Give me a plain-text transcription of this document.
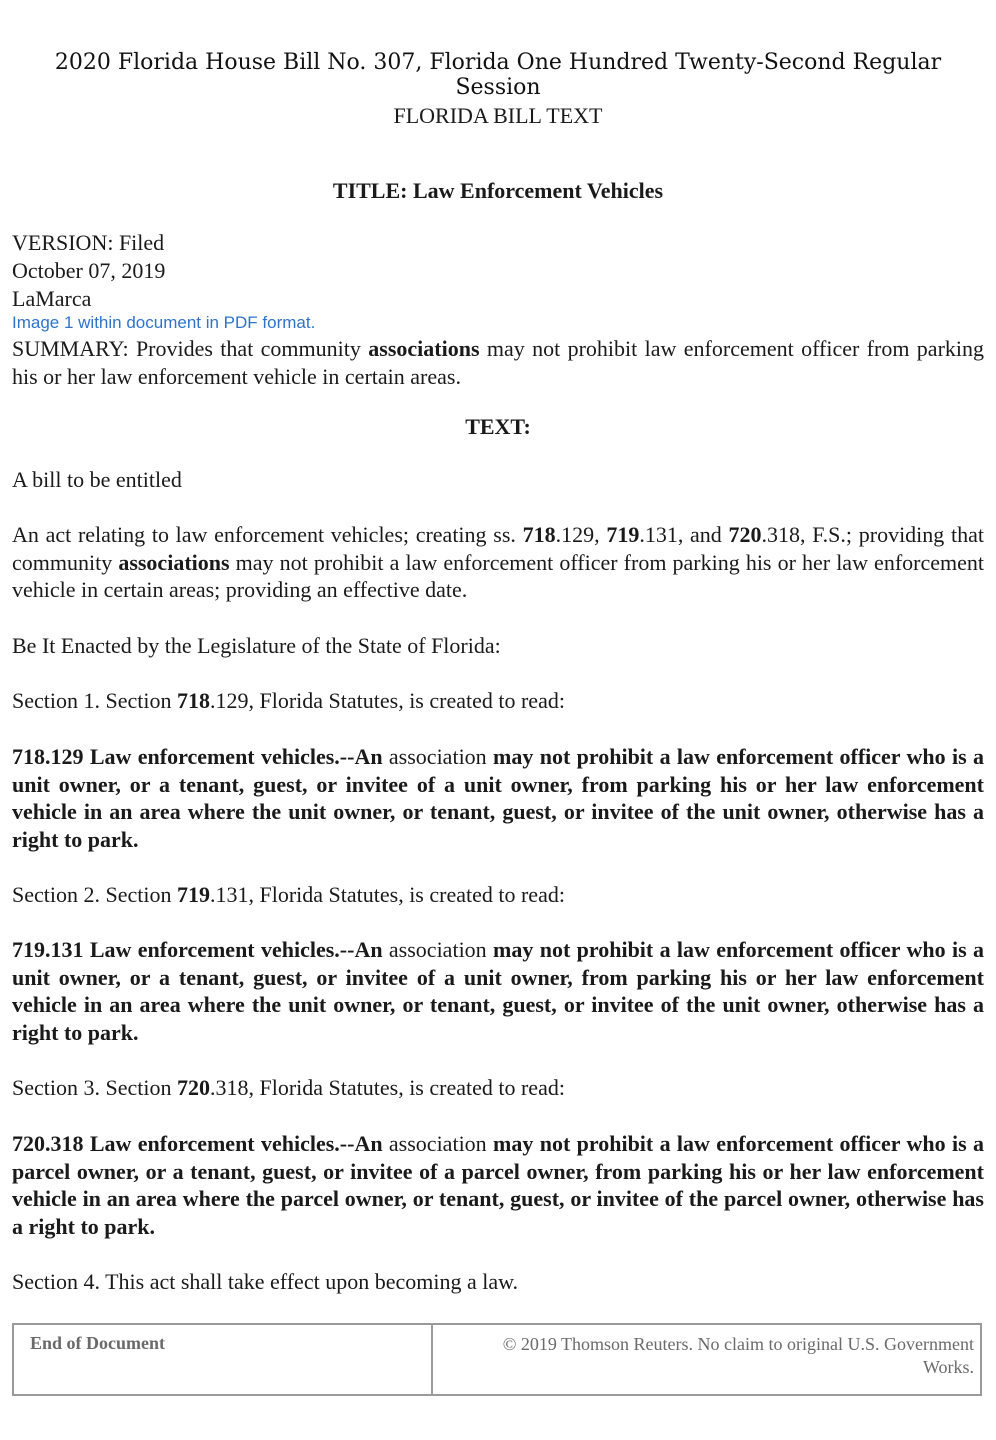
2020 Florida House Bill No. 307, Florida One Hundred Twenty-Second Regular Session
FLORIDA BILL TEXT
TITLE: Law Enforcement Vehicles
VERSION: Filed
October 07, 2019
LaMarca
Image 1 within document in PDF format.
SUMMARY: Provides that community associations may not prohibit law enforcement officer from parking his or her law enforcement vehicle in certain areas.
TEXT:
A bill to be entitled
An act relating to law enforcement vehicles; creating ss. 718.129, 719.131, and 720.318, F.S.; providing that community associations may not prohibit a law enforcement officer from parking his or her law enforcement vehicle in certain areas; providing an effective date.
Be It Enacted by the Legislature of the State of Florida:
Section 1. Section 718.129, Florida Statutes, is created to read:
718.129 Law enforcement vehicles.--An association may not prohibit a law enforcement officer who is a unit owner, or a tenant, guest, or invitee of a unit owner, from parking his or her law enforcement vehicle in an area where the unit owner, or tenant, guest, or invitee of the unit owner, otherwise has a right to park.
Section 2. Section 719.131, Florida Statutes, is created to read:
719.131 Law enforcement vehicles.--An association may not prohibit a law enforcement officer who is a unit owner, or a tenant, guest, or invitee of a unit owner, from parking his or her law enforcement vehicle in an area where the unit owner, or tenant, guest, or invitee of the unit owner, otherwise has a right to park.
Section 3. Section 720.318, Florida Statutes, is created to read:
720.318 Law enforcement vehicles.--An association may not prohibit a law enforcement officer who is a parcel owner, or a tenant, guest, or invitee of a parcel owner, from parking his or her law enforcement vehicle in an area where the parcel owner, or tenant, guest, or invitee of the parcel owner, otherwise has a right to park.
Section 4. This act shall take effect upon becoming a law.
End of Document	© 2019 Thomson Reuters. No claim to original U.S. Government Works.
